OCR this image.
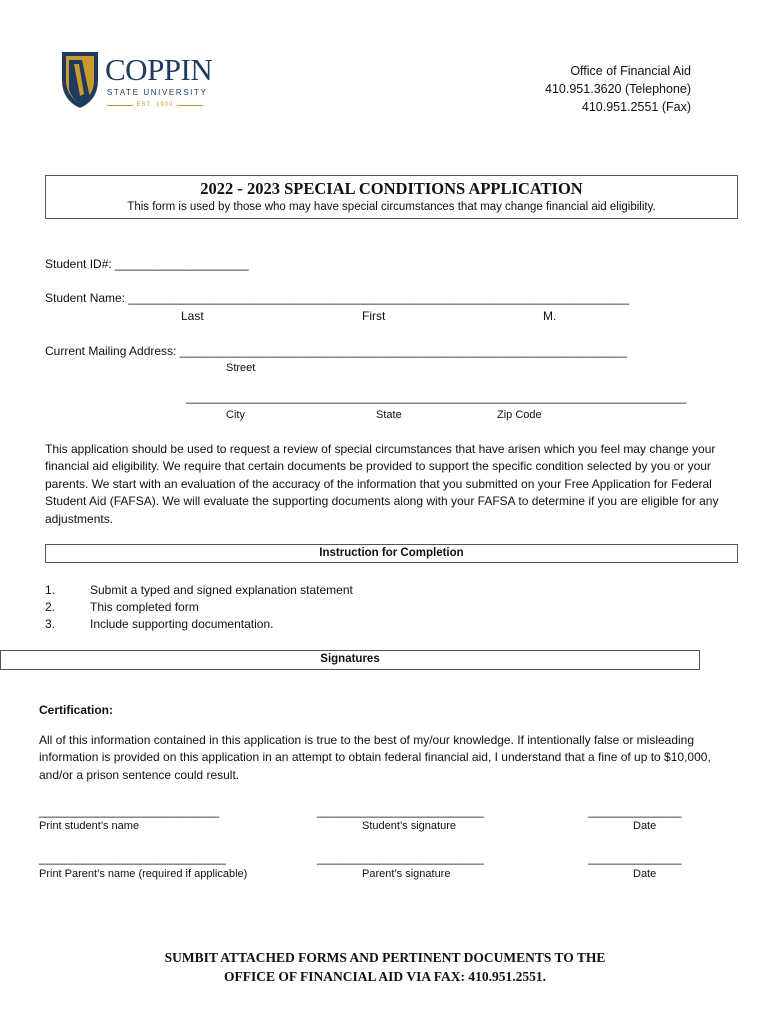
COPPIN
STATE UNIVERSITY
EST. 1900
Office of Financial Aid
410.951.3620 (Telephone)
410.951.2551 (Fax)
2022 - 2023 SPECIAL CONDITIONS APPLICATION
This form is used by those who may have special circumstances that may change financial aid eligibility.
Student ID#: ____________________
Student Name: ___________________________________________________________________________
Last	First	M.
Current Mailing Address: ___________________________________________________________________
Street
___________________________________________________________________________
City	State	Zip Code
This application should be used to request a review of special circumstances that have arisen which you feel may change your financial aid eligibility. We require that certain documents be provided to support the specific condition selected by you or your parents. We start with an evaluation of the accuracy of the information that you submitted on your Free Application for Federal Student Aid (FAFSA). We will evaluate the supporting documents along with your FAFSA to determine if you are eligible for any adjustments.
Instruction for Completion
1.	Submit a typed and signed explanation statement
2.	This completed form
3.	Include supporting documentation.
Signatures
Certification:
All of this information contained in this application is true to the best of my/our knowledge. If intentionally false or misleading information is provided on this application in an attempt to obtain federal financial aid, I understand that a fine of up to $10,000, and/or a prison sentence could result.
___________________________	_________________________	______________
Print student’s name	Student’s signature	Date
____________________________	_________________________	______________
Print Parent’s name (required if applicable)	Parent’s signature	Date
SUMBIT ATTACHED FORMS AND PERTINENT DOCUMENTS TO THE
OFFICE OF FINANCIAL AID VIA FAX: 410.951.2551.
